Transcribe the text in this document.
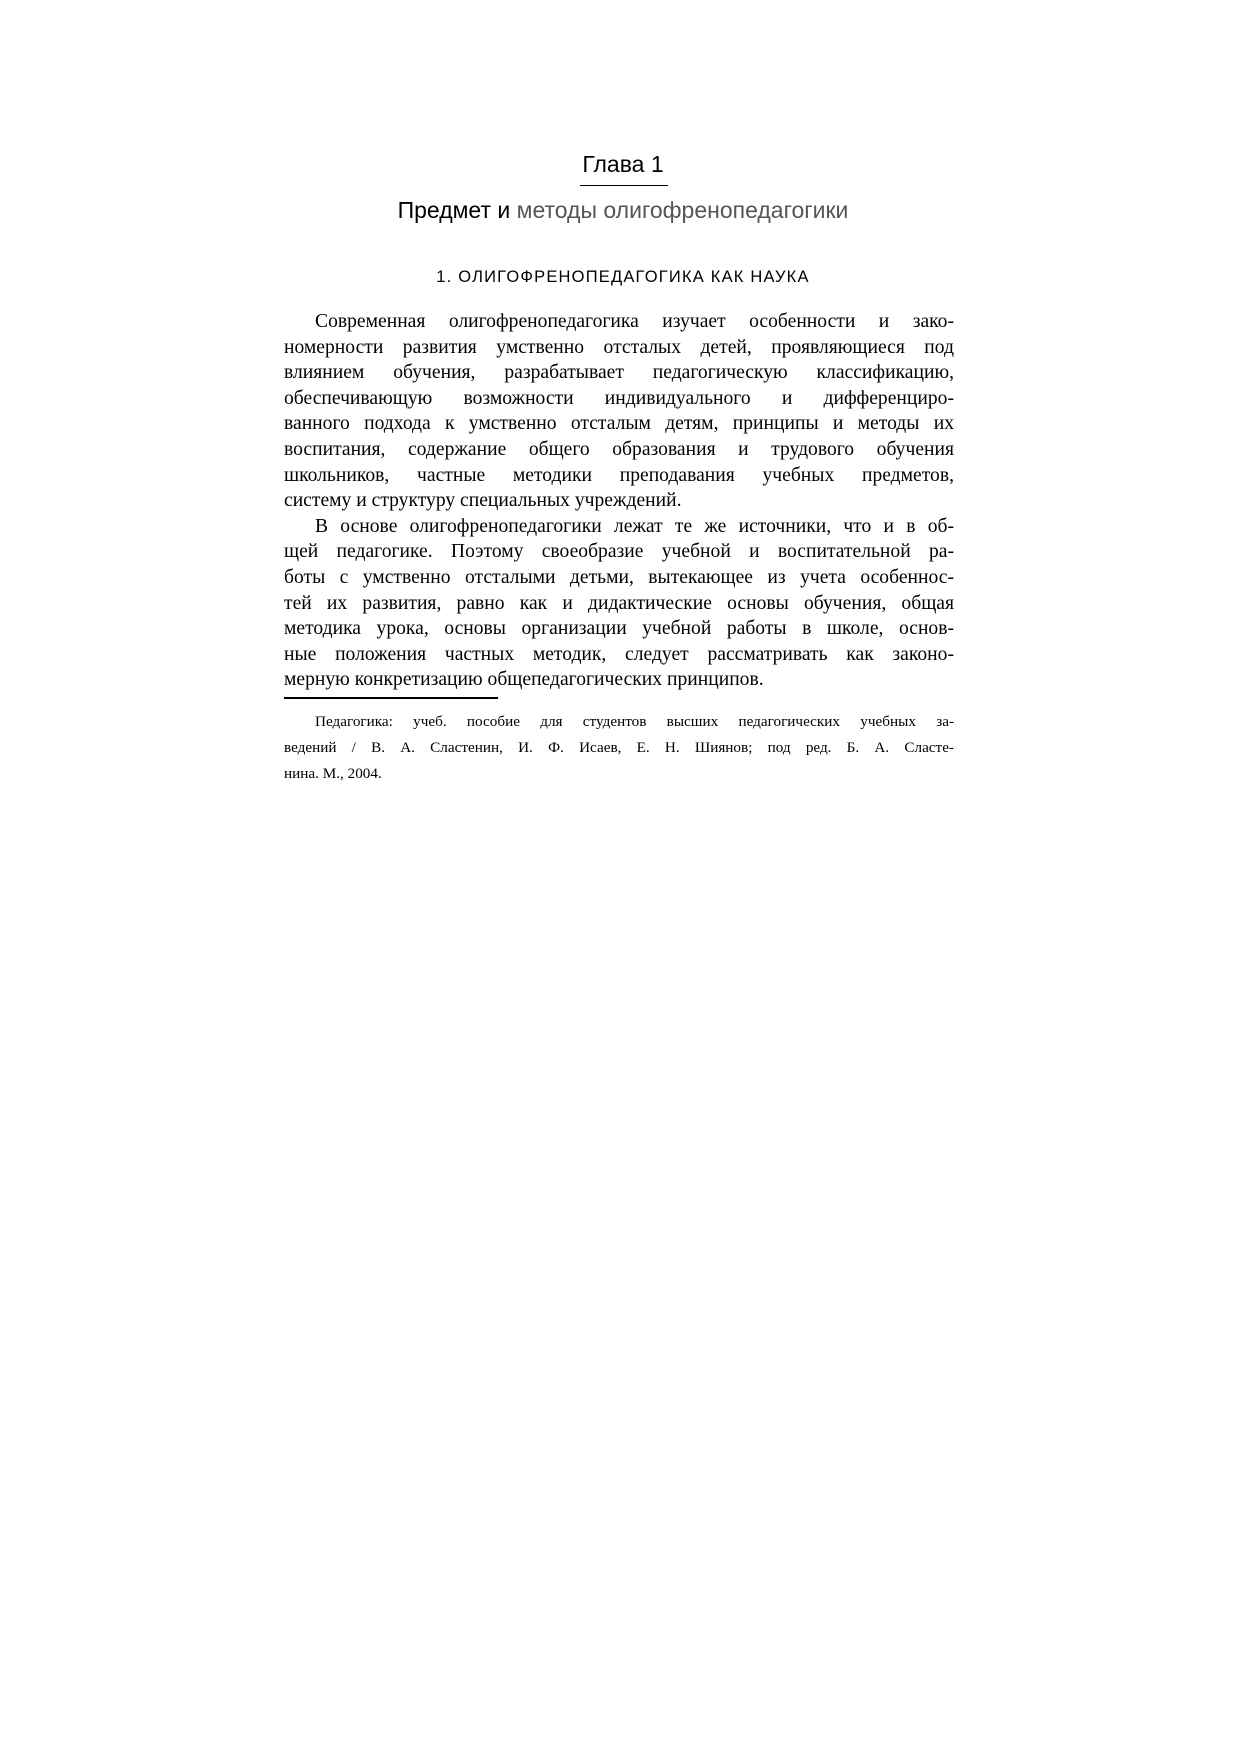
Глава 1
Предмет и методы олигофренопедагогики
1. ОЛИГОФРЕНОПЕДАГОГИКА КАК НАУКА
Современная олигофренопедагогика изучает особенности и зако-
номерности развития умственно отсталых детей, проявляющиеся под
влиянием обучения, разрабатывает педагогическую классификацию,
обеспечивающую возможности индивидуального и дифференциро-
ванного подхода к умственно отсталым детям, принципы и методы их
воспитания, содержание общего образования и трудового обучения
школьников, частные методики преподавания учебных предметов,
систему и структуру специальных учреждений.
В основе олигофренопедагогики лежат те же источники, что и в об-
щей педагогике. Поэтому своеобразие учебной и воспитательной ра-
боты с умственно отсталыми детьми, вытекающее из учета особеннос-
тей их развития, равно как и дидактические основы обучения, общая
методика урока, основы организации учебной работы в школе, основ-
ные положения частных методик, следует рассматривать как законо-
мерную конкретизацию общепедагогических принципов.
Педагогика: учеб. пособие для студентов высших педагогических учебных за-
ведений / В. А. Сластенин, И. Ф. Исаев, Е. Н. Шиянов; под ред. Б. А. Сласте-
нина. М., 2004.
